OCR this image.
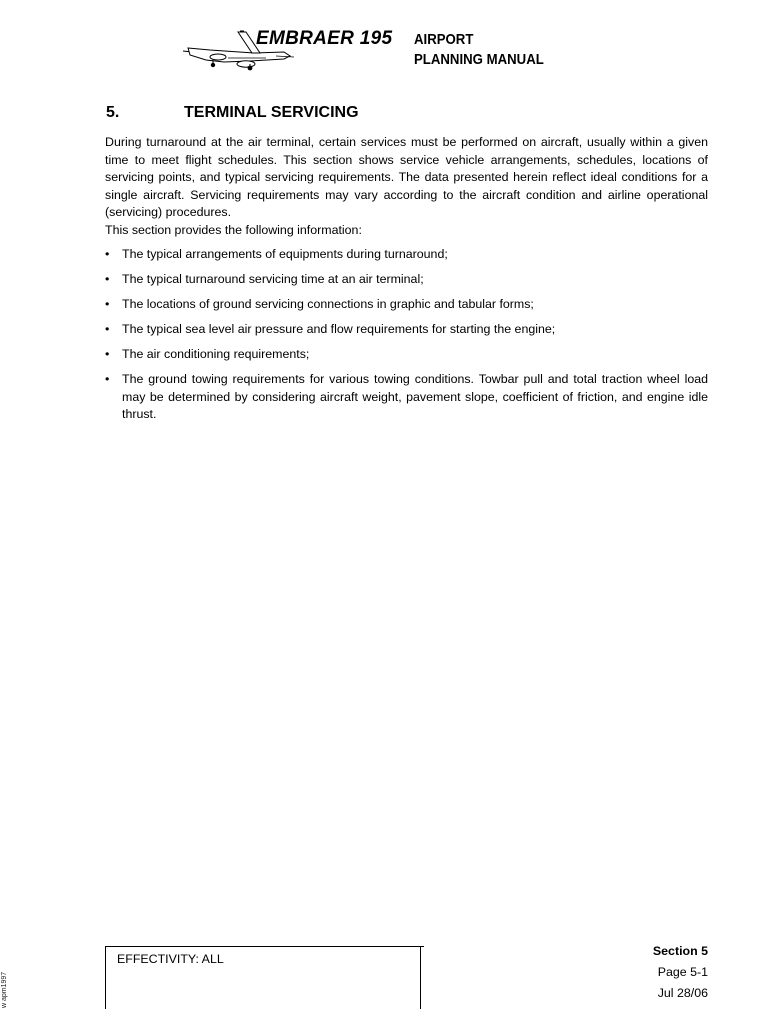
EMBRAER 195 AIRPORT
PLANNING MANUAL
5.	TERMINAL SERVICING

During turnaround at the air terminal, certain services must be performed on aircraft, usually within a given time to meet flight schedules. This section shows service vehicle arrangements, schedules, locations of servicing points, and typical servicing requirements. The data presented herein reflect ideal conditions for a single aircraft. Servicing requirements may vary according to the aircraft condition and airline operational (servicing) procedures.

This section provides the following information:

• The typical arrangements of equipments during turnaround;
• The typical turnaround servicing time at an air terminal;
• The locations of ground servicing connections in graphic and tabular forms;
• The typical sea level air pressure and flow requirements for starting the engine;
• The air conditioning requirements;
• The ground towing requirements for various towing conditions. Towbar pull and total traction wheel load may be determined by considering aircraft weight, pavement slope, coefficient of friction, and engine idle thrust.
EFFECTIVITY: ALL
Section 5
Page 5-1
Jul 28/06
w apm1997
